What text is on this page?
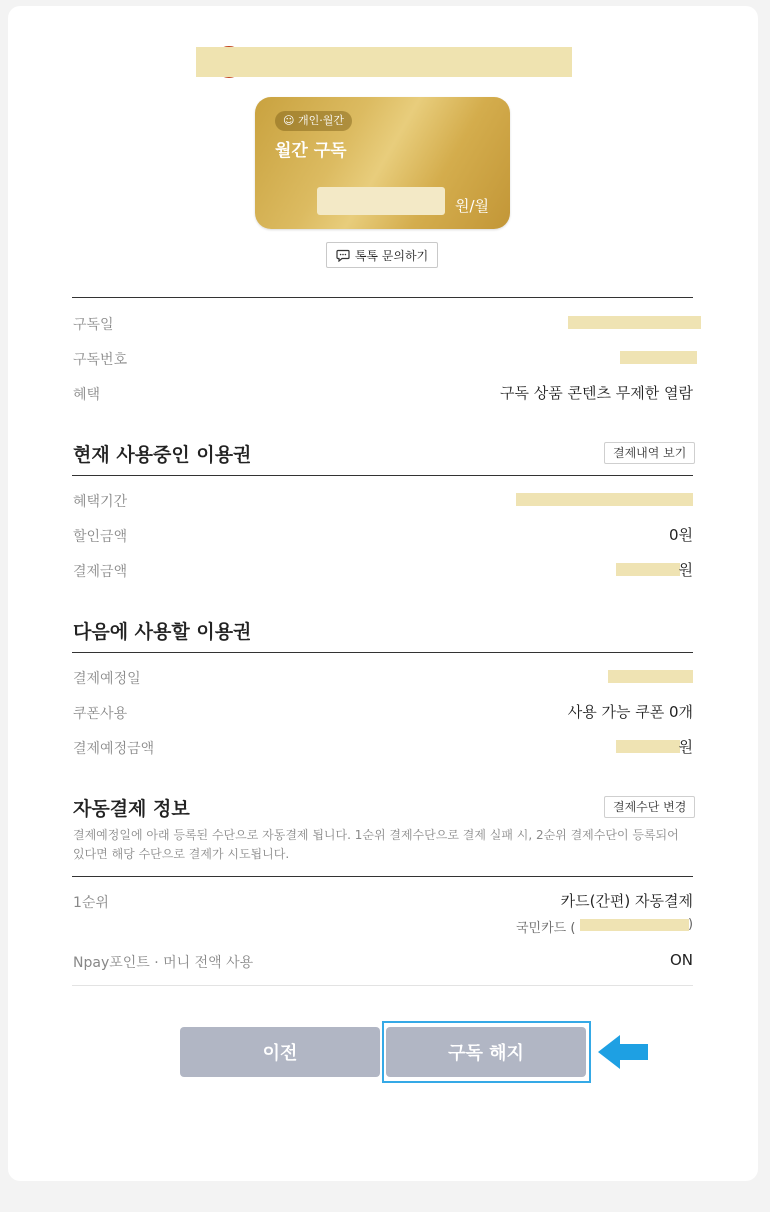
☺ 개인·월간
월간 구독
원/월
톡톡 문의하기
구독일
구독번호
혜택	구독 상품 콘텐츠 무제한 열람
현재 사용중인 이용권	결제내역 보기
혜택기간
할인금액	0원
결제금액	원
다음에 사용할 이용권
결제예정일
쿠폰사용	사용 가능 쿠폰 0개
결제예정금액	원
자동결제 정보	결제수단 변경
결제예정일에 아래 등록된 수단으로 자동결제 됩니다. 1순위 결제수단으로 결제 실패 시, 2순위 결제수단이 등록되어 있다면 해당 수단으로 결제가 시도됩니다.
1순위	카드(간편) 자동결제
국민카드 (	)
Npay포인트 · 머니 전액 사용	ON
이전	구독 해지
